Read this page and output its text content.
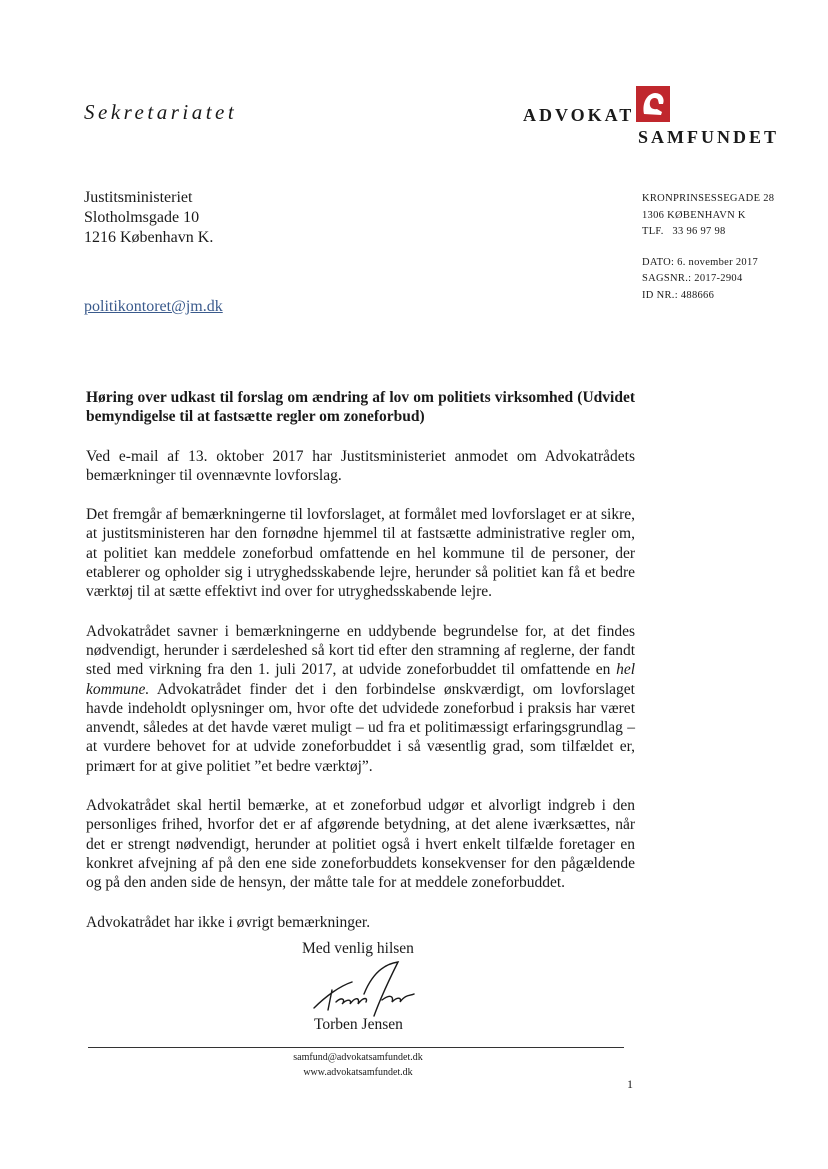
Sekretariatet	ADVOKAT
SAMFUNDET
Justitsministeriet
Slotholmsgade 10
1216 København K.
politikontoret@jm.dk
KRONPRINSESSEGADE 28
1306 KØBENHAVN K
TLF.   33 96 97 98
DATO: 6. november 2017
SAGSNR.: 2017-2904
ID NR.: 488666
Høring over udkast til forslag om ændring af lov om politiets virksomhed (Udvidet bemyndigelse til at fastsætte regler om zoneforbud)
Ved e-mail af 13. oktober 2017 har Justitsministeriet anmodet om Advokatrådets bemærkninger til ovennævnte lovforslag.
Det fremgår af bemærkningerne til lovforslaget, at formålet med lovforslaget er at sikre, at justitsministeren har den fornødne hjemmel til at fastsætte administrative regler om, at politiet kan meddele zoneforbud omfattende en hel kommune til de personer, der etablerer og opholder sig i utryghedsskabende lejre, herunder så politiet kan få et bedre værktøj til at sætte effektivt ind over for utryghedsskabende lejre.
Advokatrådet savner i bemærkningerne en uddybende begrundelse for, at det findes nødvendigt, herunder i særdeleshed så kort tid efter den stramning af reglerne, der fandt sted med virkning fra den 1. juli 2017, at udvide zoneforbuddet til omfattende en hel kommune. Advokatrådet finder det i den forbindelse ønskværdigt, om lovforslaget havde indeholdt oplysninger om, hvor ofte det udvidede zoneforbud i praksis har været anvendt, således at det havde været muligt – ud fra et politimæssigt erfaringsgrundlag – at vurdere behovet for at udvide zoneforbuddet i så væsentlig grad, som tilfældet er, primært for at give politiet ”et bedre værktøj”.
Advokatrådet skal hertil bemærke, at et zoneforbud udgør et alvorligt indgreb i den personliges frihed, hvorfor det er af afgørende betydning, at det alene iværksættes, når det er strengt nødvendigt, herunder at politiet også i hvert enkelt tilfælde foretager en konkret afvejning af på den ene side zoneforbuddets konsekvenser for den pågældende og på den anden side de hensyn, der måtte tale for at meddele zoneforbuddet.
Advokatrådet har ikke i øvrigt bemærkninger.
Med venlig hilsen
Torben Jensen
samfund@advokatsamfundet.dk
www.advokatsamfundet.dk
1
